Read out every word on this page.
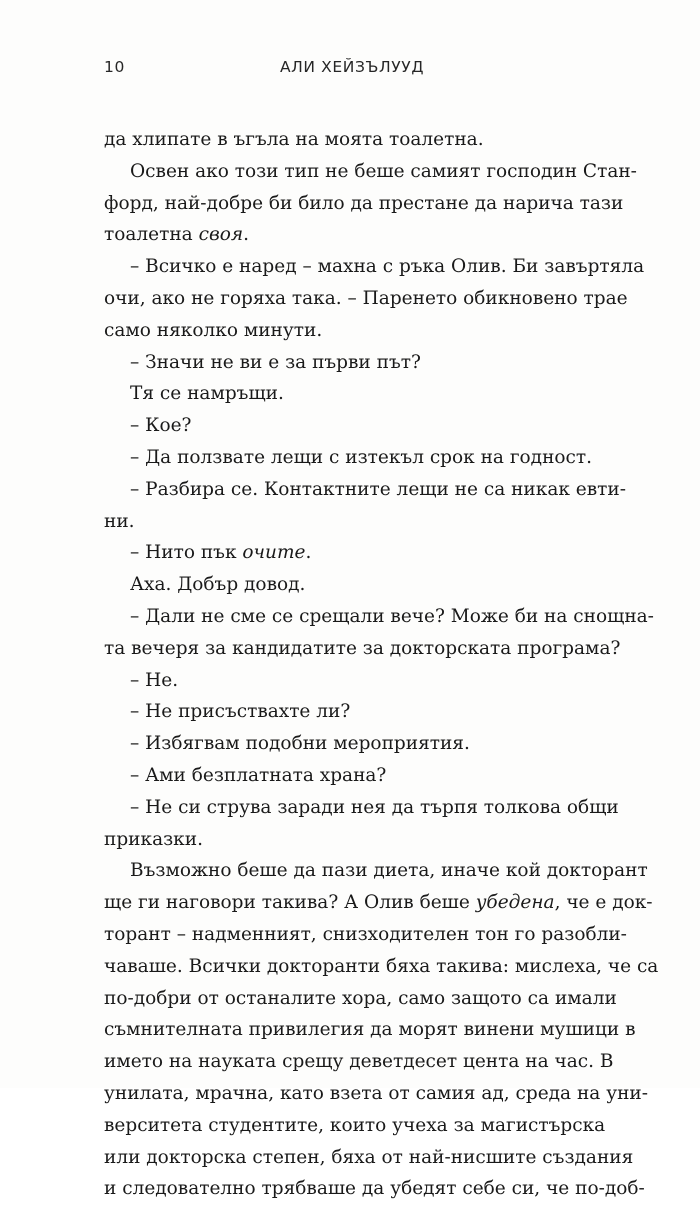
10	АЛИ ХЕЙЗЪЛУУД
да хлипате в ъгъла на моята тоалетна.
Освен ако този тип не беше самият господин Стан-
форд, най-добре би било да престане да нарича тази
тоалетна своя.
– Всичко е наред – махна с ръка Олив. Би завъртяла
очи, ако не горяха така. – Паренето обикновено трае
само няколко минути.
– Значи не ви е за първи път?
Тя се намръщи.
– Кое?
– Да ползвате лещи с изтекъл срок на годност.
– Разбира се. Контактните лещи не са никак евти-
ни.
– Нито пък очите.
Аха. Добър довод.
– Дали не сме се срещали вече? Може би на снощна-
та вечеря за кандидатите за докторската програма?
– Не.
– Не присъствахте ли?
– Избягвам подобни мероприятия.
– Ами безплатната храна?
– Не си струва заради нея да търпя толкова общи
приказки.
Възможно беше да пази диета, иначе кой докторант
ще ги наговори такива? А Олив беше убедена, че е док-
торант – надменният, снизходителен тон го разобли-
чаваше. Всички докторанти бяха такива: мислеха, че са
по-добри от останалите хора, само защото са имали
съмнителната привилегия да морят винени мушици в
името на науката срещу деветдесет цента на час. В
унилата, мрачна, като взета от самия ад, среда на уни-
верситета студентите, които учеха за магистърска
или докторска степен, бяха от най-нисшите създания
и следователно трябваше да убедят себе си, че по-доб-
